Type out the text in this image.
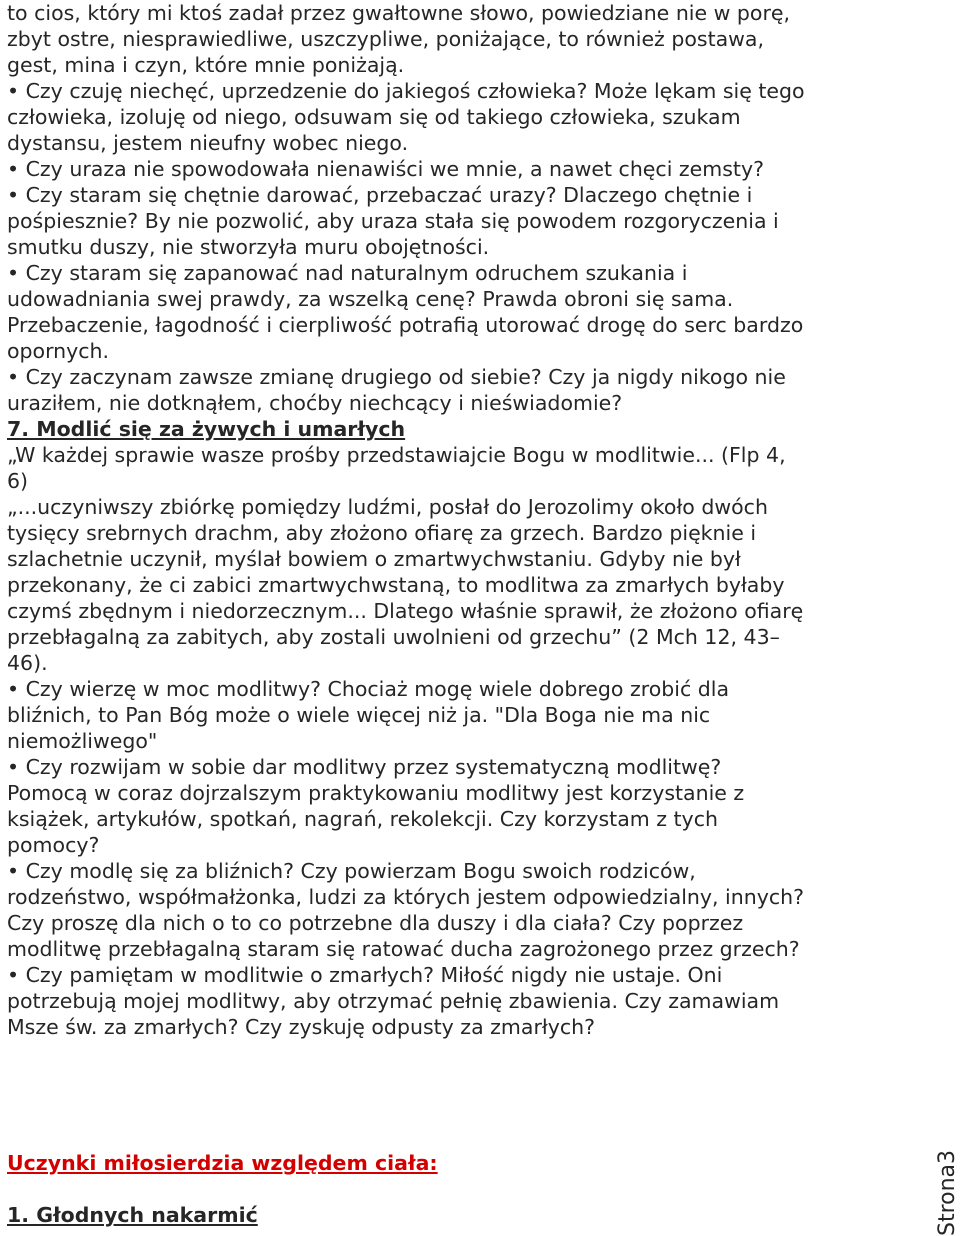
to cios, który mi ktoś zadał przez gwałtowne słowo, powiedziane nie w porę,
zbyt ostre, niesprawiedliwe, uszczypliwe, poniżające, to również postawa,
gest, mina i czyn, które mnie poniżają.
• Czy czuję niechęć, uprzedzenie do jakiegoś człowieka? Może lękam się tego
człowieka, izoluję od niego, odsuwam się od takiego człowieka, szukam
dystansu, jestem nieufny wobec niego.
• Czy uraza nie spowodowała nienawiści we mnie, a nawet chęci zemsty?
• Czy staram się chętnie darować, przebaczać urazy? Dlaczego chętnie i
pośpiesznie? By nie pozwolić, aby uraza stała się powodem rozgoryczenia i
smutku duszy, nie stworzyła muru obojętności.
• Czy staram się zapanować nad naturalnym odruchem szukania i
udowadniania swej prawdy, za wszelką cenę? Prawda obroni się sama.
Przebaczenie, łagodność i cierpliwość potrafią utorować drogę do serc bardzo
opornych.
• Czy zaczynam zawsze zmianę drugiego od siebie? Czy ja nigdy nikogo nie
uraziłem, nie dotknąłem, choćby niechcący i nieświadomie?
7. Modlić się za żywych i umarłych
„W każdej sprawie wasze prośby przedstawiajcie Bogu w modlitwie... (Flp 4,
6)
„...uczyniwszy zbiórkę pomiędzy ludźmi, posłał do Jerozolimy około dwóch
tysięcy srebrnych drachm, aby złożono ofiarę za grzech. Bardzo pięknie i
szlachetnie uczynił, myślał bowiem o zmartwychwstaniu. Gdyby nie był
przekonany, że ci zabici zmartwychwstaną, to modlitwa za zmarłych byłaby
czymś zbędnym i niedorzecznym... Dlatego właśnie sprawił, że złożono ofiarę
przebłagalną za zabitych, aby zostali uwolnieni od grzechu” (2 Mch 12, 43–
46).
• Czy wierzę w moc modlitwy? Chociaż mogę wiele dobrego zrobić dla
bliźnich, to Pan Bóg może o wiele więcej niż ja. "Dla Boga nie ma nic
niemożliwego"
• Czy rozwijam w sobie dar modlitwy przez systematyczną modlitwę?
Pomocą w coraz dojrzalszym praktykowaniu modlitwy jest korzystanie z
książek, artykułów, spotkań, nagrań, rekolekcji. Czy korzystam z tych
pomocy?
• Czy modlę się za bliźnich? Czy powierzam Bogu swoich rodziców,
rodzeństwo, współmałżonka, ludzi za których jestem odpowiedzialny, innych?
Czy proszę dla nich o to co potrzebne dla duszy i dla ciała? Czy poprzez
modlitwę przebłagalną staram się ratować ducha zagrożonego przez grzech?
• Czy pamiętam w modlitwie o zmarłych? Miłość nigdy nie ustaje. Oni
potrzebują mojej modlitwy, aby otrzymać pełnię zbawienia. Czy zamawiam
Msze św. za zmarłych? Czy zyskuję odpusty za zmarłych?
Uczynki miłosierdzia względem ciała:
1. Głodnych nakarmić	Strona3
